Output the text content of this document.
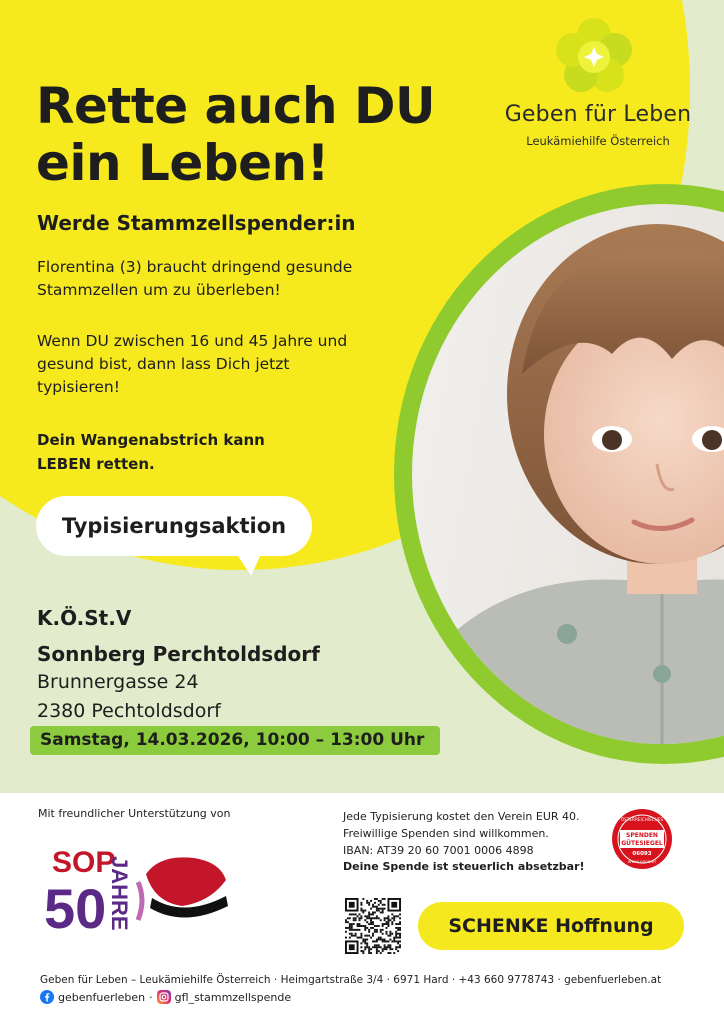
Rette auch DU
ein Leben!
Werde Stammzellspender:in
Florentina (3) braucht dringend gesunde Stammzellen um zu überleben!
Wenn DU zwischen 16 und 45 Jahre und gesund bist, dann lass Dich jetzt typisieren!
Dein Wangenabstrich kann LEBEN retten.
Typisierungsaktion
K.Ö.St.V
Sonnberg Perchtoldsdorf
Brunnergasse 24
2380 Pechtoldsdorf
Samstag, 14.03.2026, 10:00 – 13:00 Uhr
Geben für Leben
Leukämiehilfe Österreich
Mit freundlicher Unterstützung von
SOP
50 JAHRE
Jede Typisierung kostet den Verein EUR 40.
Freiwillige Spenden sind willkommen.
IBAN: AT39 20 60 7001 0006 4898
Deine Spende ist steuerlich absetzbar!
ÖSTERREICHISCHES
SPENDEN
GÜTESIEGEL
06093
WWW.OSGS.AT
SCHENKE Hoffnung
Geben für Leben – Leukämiehilfe Österreich · Heimgartstraße 3/4 · 6971 Hard · +43 660 9778743 · gebenfuerleben.at
gebenfuerleben · gfl_stammzellspende
